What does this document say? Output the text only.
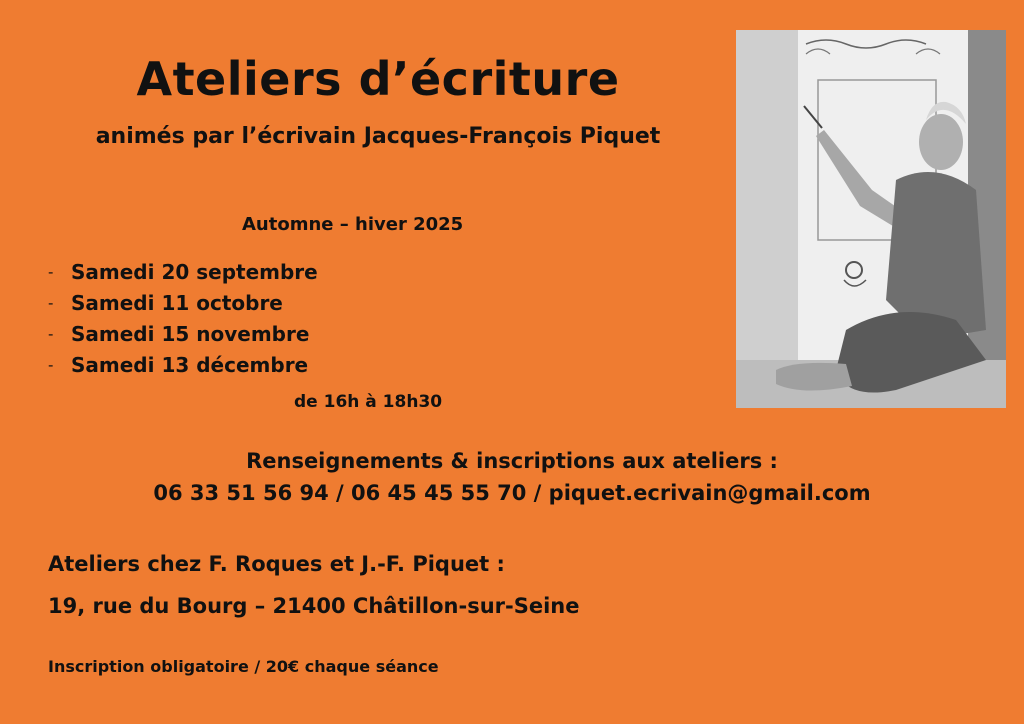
Ateliers d’écriture
animés par l’écrivain Jacques-François Piquet
Automne – hiver 2025
- Samedi 20 septembre
- Samedi 11 octobre
- Samedi 15 novembre
- Samedi 13 décembre
de 16h à 18h30
Renseignements & inscriptions aux ateliers :
06 33 51 56 94 / 06 45 45 55 70 / piquet.ecrivain@gmail.com
Ateliers chez F. Roques et J.-F. Piquet :
19, rue du Bourg – 21400 Châtillon-sur-Seine
Inscription obligatoire / 20€ chaque séance
